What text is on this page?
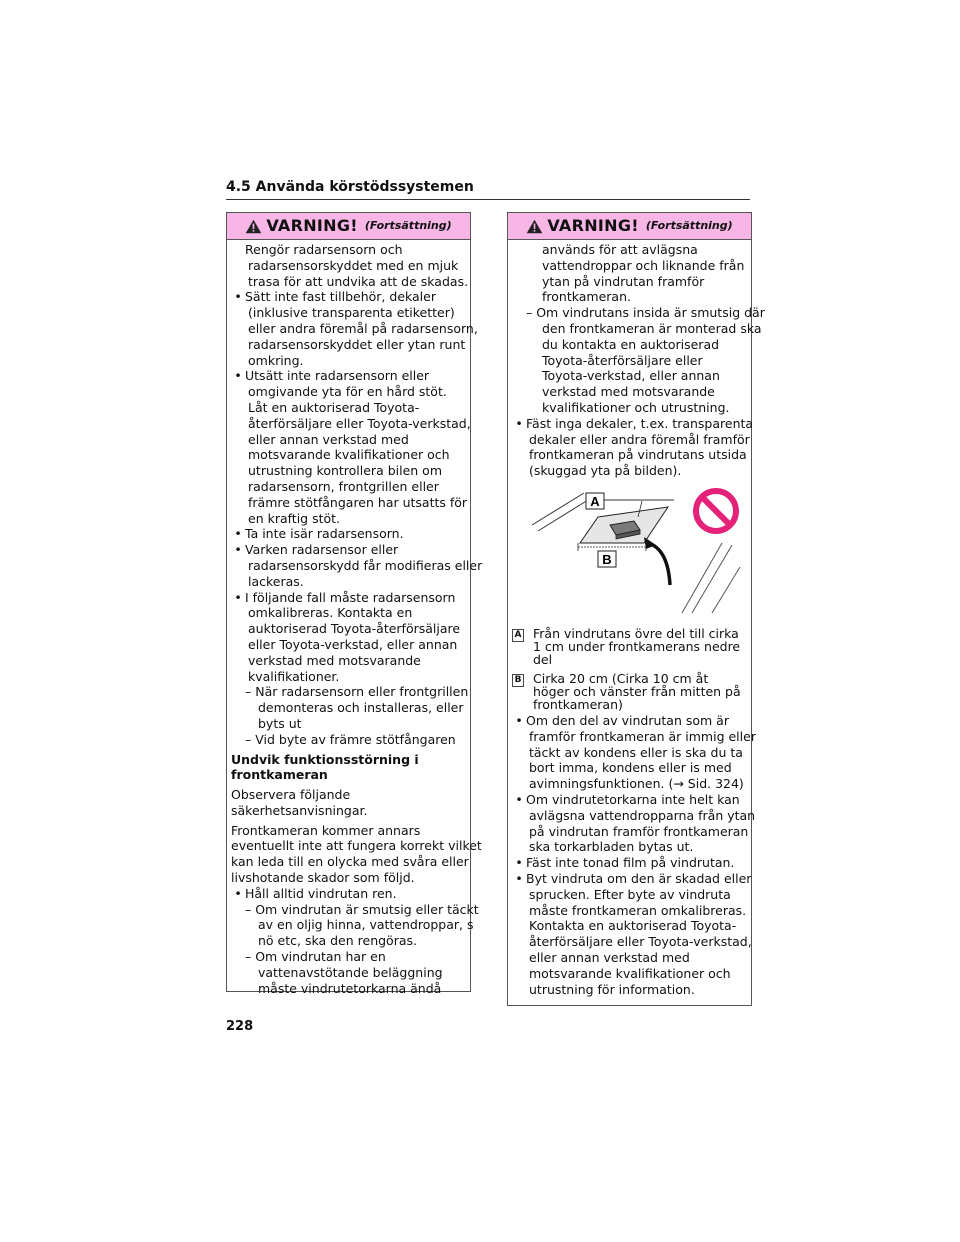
4.5 Använda körstödssystemen
VARNING! (Fortsättning)
Rengör radarsensorn och
radarsensorskyddet med en mjuk
trasa för att undvika att de skadas.
• Sätt inte fast tillbehör, dekaler
(inklusive transparenta etiketter)
eller andra föremål på radarsensorn,
radarsensorskyddet eller ytan runt
omkring.
• Utsätt inte radarsensorn eller
omgivande yta för en hård stöt.
Låt en auktoriserad Toyota-
återförsäljare eller Toyota-verkstad,
eller annan verkstad med
motsvarande kvalifikationer och
utrustning kontrollera bilen om
radarsensorn, frontgrillen eller
främre stötfångaren har utsatts för
en kraftig stöt.
• Ta inte isär radarsensorn.
• Varken radarsensor eller
radarsensorskydd får modifieras eller
lackeras.
• I följande fall måste radarsensorn
omkalibreras. Kontakta en
auktoriserad Toyota-återförsäljare
eller Toyota-verkstad, eller annan
verkstad med motsvarande
kvalifikationer.
– När radarsensorn eller frontgrillen
demonteras och installeras, eller
byts ut
– Vid byte av främre stötfångaren
Undvik funktionsstörning i
frontkameran
Observera följande
säkerhetsanvisningar.
Frontkameran kommer annars
eventuellt inte att fungera korrekt vilket
kan leda till en olycka med svåra eller
livshotande skador som följd.
• Håll alltid vindrutan ren.
– Om vindrutan är smutsig eller täckt
av en oljig hinna, vattendroppar, s
nö etc, ska den rengöras.
– Om vindrutan har en
vattenavstötande beläggning
måste vindrutetorkarna ändå
VARNING! (Fortsättning)
används för att avlägsna
vattendroppar och liknande från
ytan på vindrutan framför
frontkameran.
– Om vindrutans insida är smutsig där
den frontkameran är monterad ska
du kontakta en auktoriserad
Toyota-återförsäljare eller
Toyota-verkstad, eller annan
verkstad med motsvarande
kvalifikationer och utrustning.
• Fäst inga dekaler, t.ex. transparenta
dekaler eller andra föremål framför
frontkameran på vindrutans utsida
(skuggad yta på bilden).
A
B
A Från vindrutans övre del till cirka 1 cm under frontkamerans nedre del
B Cirka 20 cm (Cirka 10 cm åt höger och vänster från mitten på frontkameran)
• Om den del av vindrutan som är
framför frontkameran är immig eller
täckt av kondens eller is ska du ta
bort imma, kondens eller is med
avimningsfunktionen. (→ Sid. 324)
• Om vindrutetorkarna inte helt kan
avlägsna vattendropparna från ytan
på vindrutan framför frontkameran
ska torkarbladen bytas ut.
• Fäst inte tonad film på vindrutan.
• Byt vindruta om den är skadad eller
sprucken. Efter byte av vindruta
måste frontkameran omkalibreras.
Kontakta en auktoriserad Toyota-
återförsäljare eller Toyota-verkstad,
eller annan verkstad med
motsvarande kvalifikationer och
utrustning för information.
228
